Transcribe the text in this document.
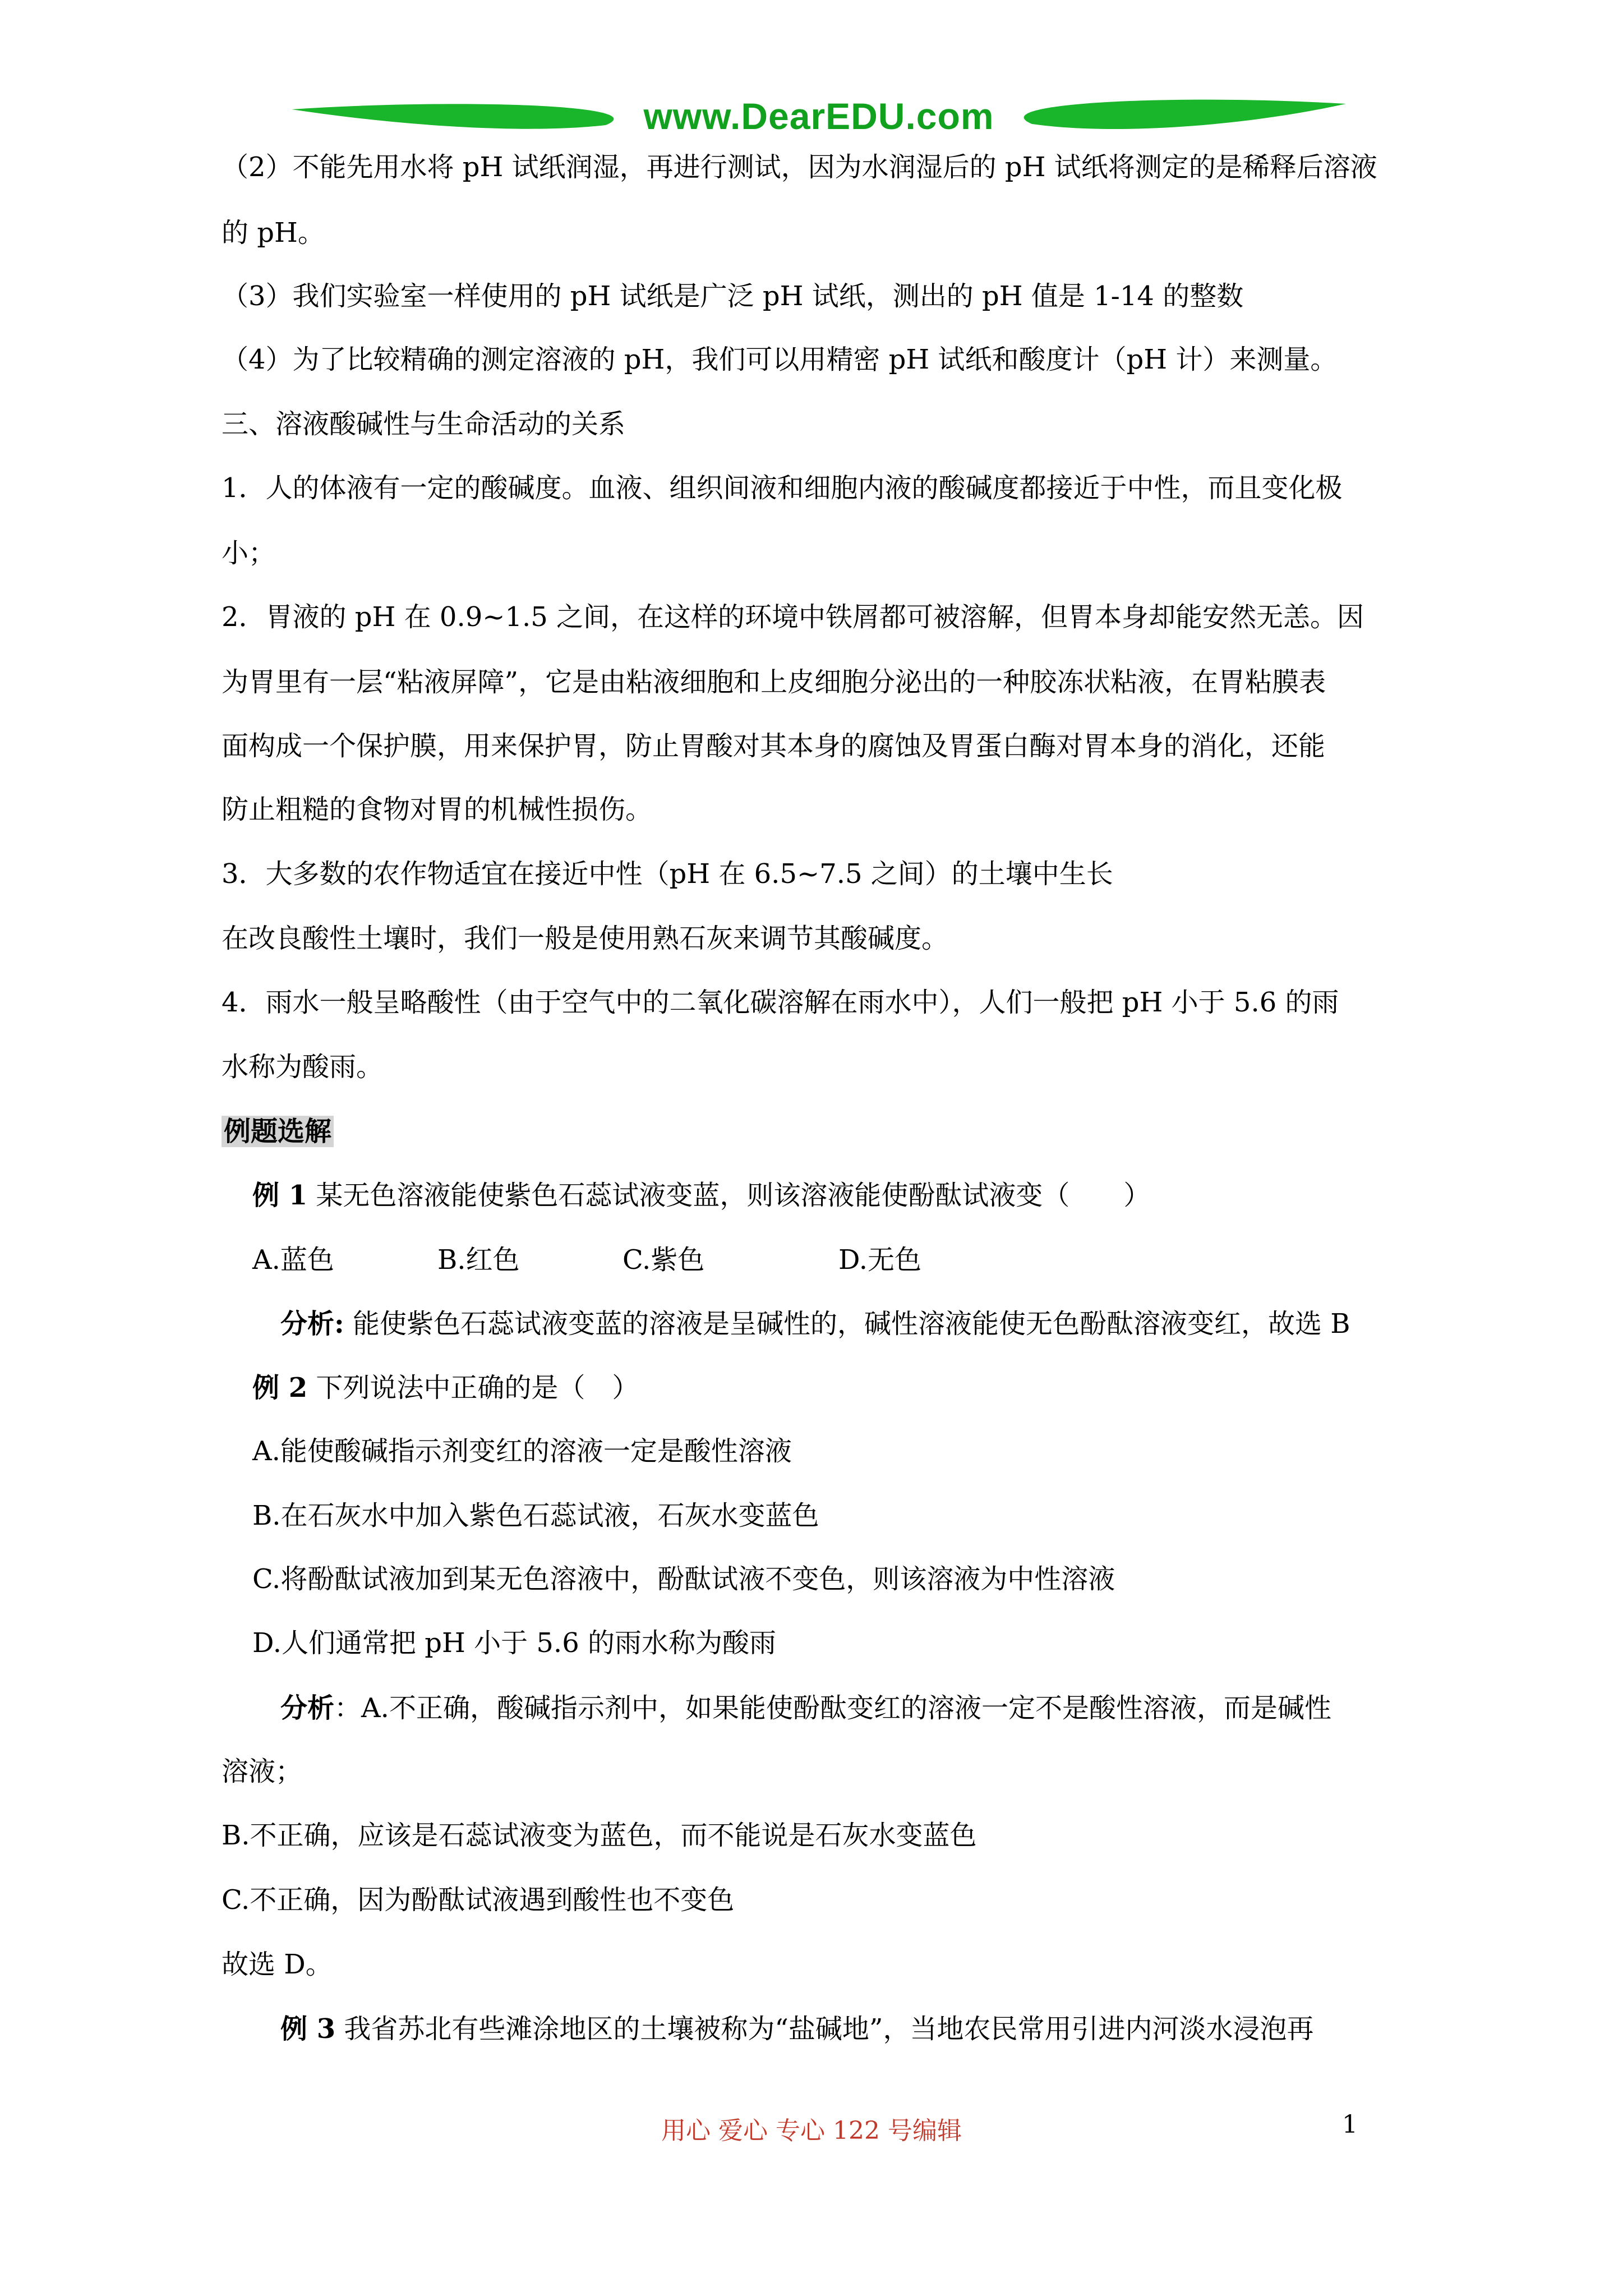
www.DearEDU.com
（2）不能先用水将 pH 试纸润湿，再进行测试，因为水润湿后的 pH 试纸将测定的是稀释后溶液
的 pH。
（3）我们实验室一样使用的 pH 试纸是广泛 pH 试纸，测出的 pH 值是 1-14 的整数
（4）为了比较精确的测定溶液的 pH，我们可以用精密 pH 试纸和酸度计（pH 计）来测量。
三、溶液酸碱性与生命活动的关系
1．人的体液有一定的酸碱度。血液、组织间液和细胞内液的酸碱度都接近于中性，而且变化极
小；
2．胃液的 pH 在 0.9~1.5 之间，在这样的环境中铁屑都可被溶解，但胃本身却能安然无恙。因
为胃里有一层“粘液屏障”，它是由粘液细胞和上皮细胞分泌出的一种胶冻状粘液，在胃粘膜表
面构成一个保护膜，用来保护胃，防止胃酸对其本身的腐蚀及胃蛋白酶对胃本身的消化，还能
防止粗糙的食物对胃的机械性损伤。
3．大多数的农作物适宜在接近中性（pH 在 6.5~7.5 之间）的土壤中生长
在改良酸性土壤时，我们一般是使用熟石灰来调节其酸碱度。
4．雨水一般呈略酸性（由于空气中的二氧化碳溶解在雨水中），人们一般把 pH 小于 5.6 的雨
水称为酸雨。
例题选解
例 1 某无色溶液能使紫色石蕊试液变蓝，则该溶液能使酚酞试液变（　　）
A.蓝色	B.红色	C.紫色	D.无色
分析: 能使紫色石蕊试液变蓝的溶液是呈碱性的，碱性溶液能使无色酚酞溶液变红，故选 B
例 2 下列说法中正确的是（　）
A.能使酸碱指示剂变红的溶液一定是酸性溶液
B.在石灰水中加入紫色石蕊试液，石灰水变蓝色
C.将酚酞试液加到某无色溶液中，酚酞试液不变色，则该溶液为中性溶液
D.人们通常把 pH 小于 5.6 的雨水称为酸雨
分析：A.不正确，酸碱指示剂中，如果能使酚酞变红的溶液一定不是酸性溶液，而是碱性
溶液；
B.不正确，应该是石蕊试液变为蓝色，而不能说是石灰水变蓝色
C.不正确，因为酚酞试液遇到酸性也不变色
故选 D。
例 3 我省苏北有些滩涂地区的土壤被称为“盐碱地”，当地农民常用引进内河淡水浸泡再
用心 爱心 专心 122 号编辑	1
